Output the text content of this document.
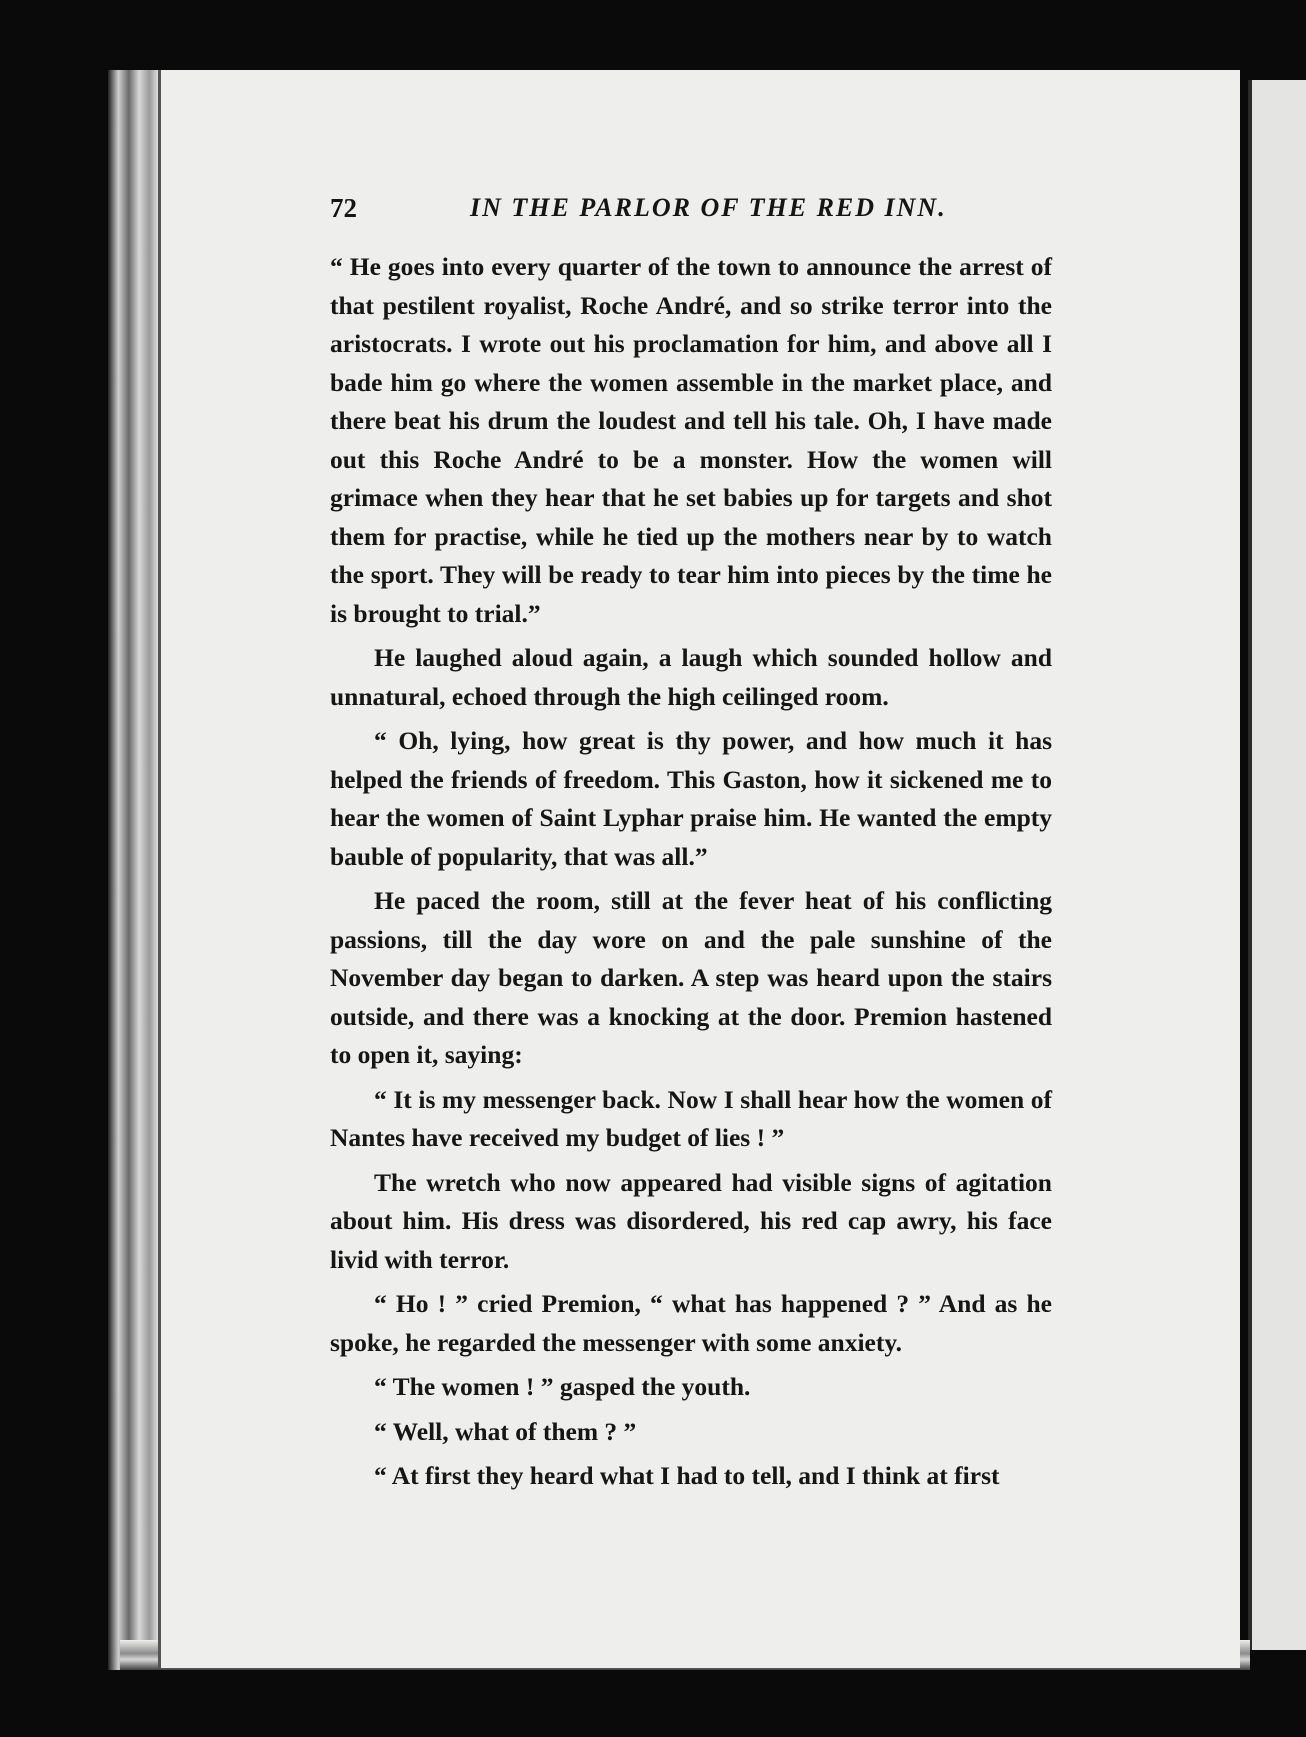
72	IN THE PARLOR OF THE RED INN.

“ He goes into every quarter of the town to announce the arrest of that pestilent royalist, Roche André, and so strike terror into the aristocrats. I wrote out his proclamation for him, and above all I bade him go where the women assemble in the market place, and there beat his drum the loudest and tell his tale. Oh, I have made out this Roche André to be a monster. How the women will grimace when they hear that he set babies up for targets and shot them for practise, while he tied up the mothers near by to watch the sport. They will be ready to tear him into pieces by the time he is brought to trial.”

He laughed aloud again, a laugh which sounded hollow and unnatural, echoed through the high ceilinged room.

“ Oh, lying, how great is thy power, and how much it has helped the friends of freedom. This Gaston, how it sickened me to hear the women of Saint Lyphar praise him. He wanted the empty bauble of popularity, that was all.”

He paced the room, still at the fever heat of his conflicting passions, till the day wore on and the pale sunshine of the November day began to darken. A step was heard upon the stairs outside, and there was a knocking at the door. Premion hastened to open it, saying:

“ It is my messenger back. Now I shall hear how the women of Nantes have received my budget of lies ! ”

The wretch who now appeared had visible signs of agitation about him. His dress was disordered, his red cap awry, his face livid with terror.

“ Ho ! ” cried Premion, “ what has happened ? ” And as he spoke, he regarded the messenger with some anxiety.

“ The women ! ” gasped the youth.

“ Well, what of them ? ”

“ At first they heard what I had to tell, and I think at first
